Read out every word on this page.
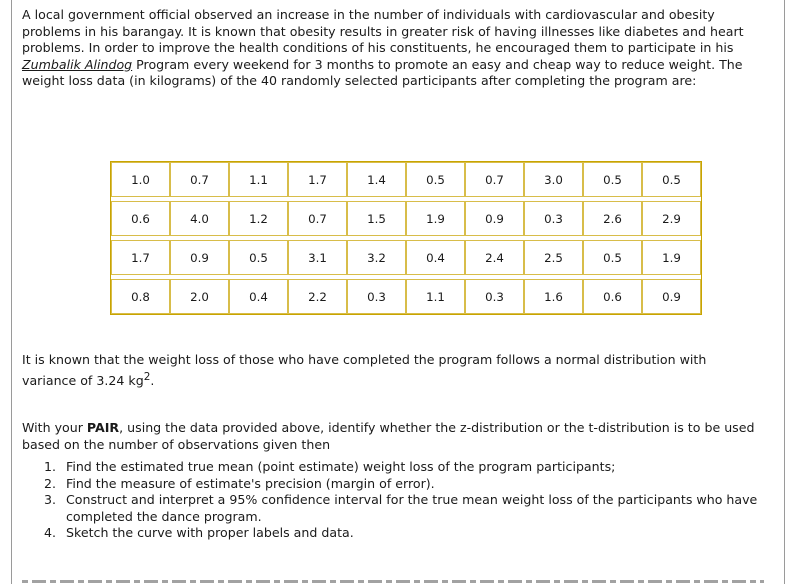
A local government official observed an increase in the number of individuals with cardiovascular and obesity problems in his barangay. It is known that obesity results in greater risk of having illnesses like diabetes and heart problems. In order to improve the health conditions of his constituents, he encouraged them to participate in his Zumbalik Alindog Program every weekend for 3 months to promote an easy and cheap way to reduce weight. The weight loss data (in kilograms) of the 40 randomly selected participants after completing the program are:

1.0	0.7	1.1	1.7	1.4	0.5	0.7	3.0	0.5	0.5

0.6	4.0	1.2	0.7	1.5	1.9	0.9	0.3	2.6	2.9

1.7	0.9	0.5	3.1	3.2	0.4	2.4	2.5	0.5	1.9

0.8	2.0	0.4	2.2	0.3	1.1	0.3	1.6	0.6	0.9

It is known that the weight loss of those who have completed the program follows a normal distribution with variance of 3.24 $kg^2$.

With your PAIR, using the data provided above, identify whether the z-distribution or the t-distribution is to be used based on the number of observations given then

1. Find the estimated true mean (point estimate) weight loss of the program participants;
2. Find the measure of estimate's precision (margin of error).
3. Construct and interpret a 95% confidence interval for the true mean weight loss of the participants who have completed the dance program.
4. Sketch the curve with proper labels and data.
